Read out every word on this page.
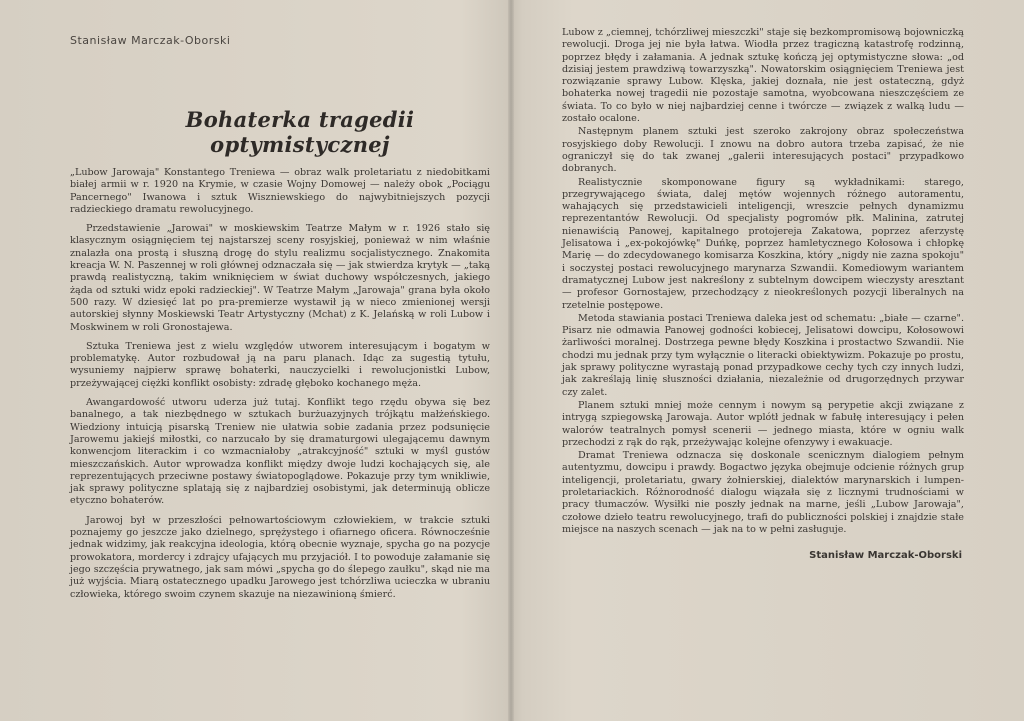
Stanisław Marczak-Oborski
Bohaterka tragedii optymistycznej

„Lubow Jarowaja" Konstantego Treniewa — obraz walk proletariatu z niedobitkami białej armii w r. 1920 na Krymie, w czasie Wojny Domowej — należy obok „Pociągu Pancernego" Iwanowa i sztuk Wiszniewskiego do najwybitniejszych pozycji radzieckiego dramatu rewolucyjnego.

Przedstawienie „Jarowai" w moskiewskim Teatrze Małym w r. 1926 stało się klasycznym osiągnięciem tej najstarszej sceny rosyjskiej, ponieważ w nim właśnie znalazła ona prostą i słuszną drogę do stylu realizmu socjalistycznego. Znakomita kreacja W. N. Paszennej w roli głównej odznaczała się — jak stwierdza krytyk — „taką prawdą realistyczną, takim wniknięciem w świat duchowy współczesnych, jakiego żąda od sztuki widz epoki radzieckiej". W Teatrze Małym „Jarowaja" grana była około 500 razy. W dziesięć lat po pra-premierze wystawił ją w nieco zmienionej wersji autorskiej słynny Moskiewski Teatr Artystyczny (Mchat) z K. Jelańską w roli Lubow i Moskwinem w roli Gronostajewa.

Sztuka Treniewa jest z wielu względów utworem interesującym i bogatym w problematykę. Autor rozbudował ją na paru planach. Idąc za sugestią tytułu, wysuniemy najpierw sprawę bohaterki, nauczycielki i rewolucjonistki Lubow, przeżywającej ciężki konflikt osobisty: zdradę głęboko kochanego męża.

Awangardowość utworu uderza już tutaj. Konflikt tego rzędu obywa się bez banalnego, a tak niezbędnego w sztukach burżuazyjnych trójkątu małżeńskiego. Wiedziony intuicją pisarską Treniew nie ułatwia sobie zadania przez podsunięcie Jarowemu jakiejś miłostki, co narzucało by się dramaturgowi ulegającemu dawnym konwencjom literackim i co wzmacniałoby „atrakcyjność" sztuki w myśl gustów mieszczańskich. Autor wprowadza konflikt między dwoje ludzi kochających się, ale reprezentujących przeciwne postawy światopoglądowe. Pokazuje przy tym wnikliwie, jak sprawy polityczne splatają się z najbardziej osobistymi, jak determinują oblicze etyczno bohaterów.

Jarowoj był w przeszłości pełnowartościowym człowiekiem, w trakcie sztuki poznajemy go jeszcze jako dzielnego, sprężystego i ofiarnego oficera. Równocześnie jednak widzimy, jak reakcyjna ideologia, którą obecnie wyznaje, spycha go na pozycje prowokatora, mordercy i zdrajcy ufających mu przyjaciół. I to powoduje załamanie się jego szczęścia prywatnego, jak sam mówi „spycha go do ślepego zaułku", skąd nie ma już wyjścia. Miarą ostatecznego upadku Jarowego jest tchórzliwa ucieczka w ubraniu człowieka, którego swoim czynem skazuje na niezawinioną śmierć.

Lubow z „ciemnej, tchórzliwej mieszczki" staje się bezkompromisową bojowniczką rewolucji. Droga jej nie była łatwa. Wiodła przez tragiczną katastrofę rodzinną, poprzez błędy i załamania. A jednak sztukę kończą jej optymistyczne słowa: „od dzisiaj jestem prawdziwą towarzyszką". Nowatorskim osiągnięciem Treniewa jest rozwiązanie sprawy Lubow. Klęska, jakiej doznała, nie jest ostateczną, gdyż bohaterka nowej tragedii nie pozostaje samotna, wyobcowana nieszczęściem ze świata. To co było w niej najbardziej cenne i twórcze — związek z walką ludu — zostało ocalone.

Następnym planem sztuki jest szeroko zakrojony obraz społeczeństwa rosyjskiego doby Rewolucji. I znowu na dobro autora trzeba zapisać, że nie ograniczył się do tak zwanej „galerii interesujących postaci" przypadkowo dobranych.

Realistycznie skomponowane figury są wykładnikami: starego, przegrywającego świata, dalej mętów wojennych różnego autoramentu, wahających się przedstawicieli inteligencji, wreszcie pełnych dynamizmu reprezentantów Rewolucji. Od specjalisty pogromów płk. Malinina, zatrutej nienawiścią Panowej, kapitalnego protojereja Zakatowa, poprzez aferzystę Jelisatowa i „ex-pokojówkę" Duńkę, poprzez hamletycznego Kołosowa i chłopkę Marię — do zdecydowanego komisarza Koszkina, który „nigdy nie zazna spokoju" i soczystej postaci rewolucyjnego marynarza Szwandii. Komediowym wariantem dramatycznej Lubow jest nakreślony z subtelnym dowcipem wieczysty aresztant — profesor Gornostajew, przechodzący z nieokreślonych pozycji liberalnych na rzetelnie postępowe.

Metoda stawiania postaci Treniewa daleka jest od schematu: „białe — czarne". Pisarz nie odmawia Panowej godności kobiecej, Jelisatowi dowcipu, Kołosowowi żarliwości moralnej. Dostrzega pewne błędy Koszkina i prostactwo Szwandii. Nie chodzi mu jednak przy tym wyłącznie o literacki obiektywizm. Pokazuje po prostu, jak sprawy polityczne wyrastają ponad przypadkowe cechy tych czy innych ludzi, jak zakreślają linię słuszności działania, niezależnie od drugorzędnych przywar czy zalet.

Planem sztuki mniej może cennym i nowym są perypetie akcji związane z intrygą szpiegowską Jarowaja. Autor wplótł jednak w fabułę interesujący i pełen walorów teatralnych pomysł scenerii — jednego miasta, które w ogniu walk przechodzi z rąk do rąk, przeżywając kolejne ofenzywy i ewakuacje.

Dramat Treniewa odznacza się doskonale scenicznym dialogiem pełnym autentyzmu, dowcipu i prawdy. Bogactwo języka obejmuje odcienie różnych grup inteligencji, proletariatu, gwary żołnierskiej, dialektów marynarskich i lumpen-proletariackich. Różnorodność dialogu wiązała się z licznymi trudnościami w pracy tłumaczów. Wysiłki nie poszły jednak na marne, jeśli „Lubow Jarowaja", czołowe dzieło teatru rewolucyjnego, trafi do publiczności polskiej i znajdzie stałe miejsce na naszych scenach — jak na to w pełni zasługuje.

Stanisław Marczak-Oborski
